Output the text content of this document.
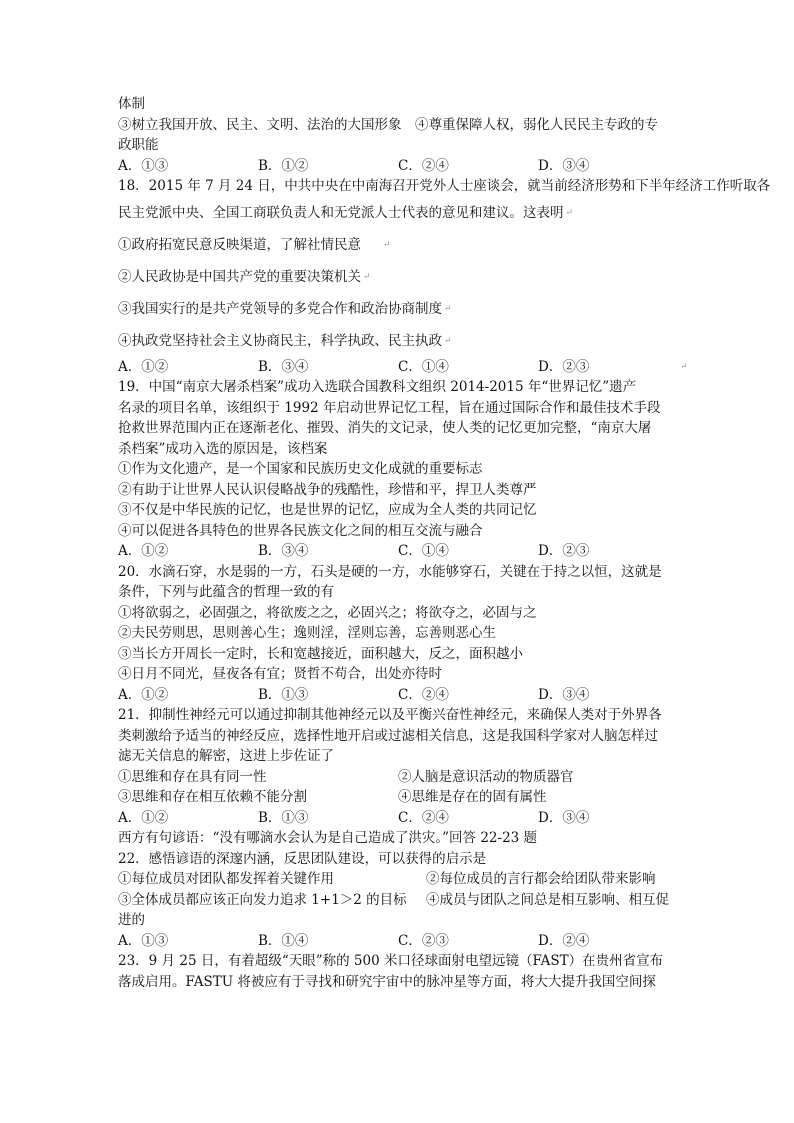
体制
③树立我国开放、民主、文明、法治的大国形象　④尊重保障人权，弱化人民民主专政的专
政职能
A．①③	B．①②	C．②④	D．③④
18．2015 年 7 月 24 日，中共中央在中南海召开党外人士座谈会，就当前经济形势和下半年经济工作听取各
民主党派中央、全国工商联负责人和无党派人士代表的意见和建议。这表明 ↵
①政府拓宽民意反映渠道，了解社情民意 ↵
②人民政协是中国共产党的重要决策机关 ↵
③我国实行的是共产党领导的多党合作和政治协商制度 ↵
④执政党坚持社会主义协商民主，科学执政、民主执政 ↵
A．①②	B．③④	C．①④	D．②③	↵
19．中国“南京大屠杀档案”成功入选联合国教科文组织 2014-2015 年“世界记忆”遗产
名录的项目名单，该组织于 1992 年启动世界记忆工程，旨在通过国际合作和最佳技术手段
抢救世界范围内正在逐渐老化、摧毁、消失的文记录，使人类的记忆更加完整，“南京大屠
杀档案”成功入选的原因是，该档案
①作为文化遗产，是一个国家和民族历史文化成就的重要标志
②有助于让世界人民认识侵略战争的残酷性，珍惜和平，捍卫人类尊严
③不仅是中华民族的记忆，也是世界的记忆，应成为全人类的共同记忆
④可以促进各具特色的世界各民族文化之间的相互交流与融合
A．①②	B．③④	C．①④	D．②③
20．水滴石穿，水是弱的一方，石头是硬的一方，水能够穿石，关键在于持之以恒，这就是
条件，下列与此蕴含的哲理一致的有
①将欲弱之，必固强之，将欲废之之，必固兴之；将欲夺之，必固与之
②夫民劳则思，思则善心生；逸则淫，淫则忘善，忘善则恶心生
③当长方开周长一定时，长和宽越接近，面积越大，反之，面积越小
④日月不同光，昼夜各有宜；贤哲不苟合，出处亦待时
A．①②	B．①③	C．②④	D．③④
21．抑制性神经元可以通过抑制其他神经元以及平衡兴奋性神经元，来确保人类对于外界各
类刺激给予适当的神经反应，选择性地开启或过滤相关信息，这是我国科学家对人脑怎样过
滤无关信息的解密，这进上步佐证了
①思维和存在具有同一性	②人脑是意识活动的物质器官
③思维和存在相互依赖不能分割	④思维是存在的固有属性
A．①②	B．①③	C．②④	D．③④
西方有句谚语：“没有哪滴水会认为是自己造成了洪灾。”回答 22-23 题
22．感悟谚语的深邃内涵，反思团队建设，可以获得的启示是
①每位成员对团队都发挥着关键作用	②每位成员的言行都会给团队带来影响
③全体成员都应该正向发力追求 1+1＞2 的目标	④成员与团队之间总是相互影响、相互促
进的
A．①③	B．①④	C．②③	D．②④
23．9 月 25 日，有着超级“天眼”称的 500 米口径球面射电望远镜（FAST）在贵州省宣布
落成启用。FASTU 将被应有于寻找和研究宇宙中的脉冲星等方面，将大大提升我国空间探
